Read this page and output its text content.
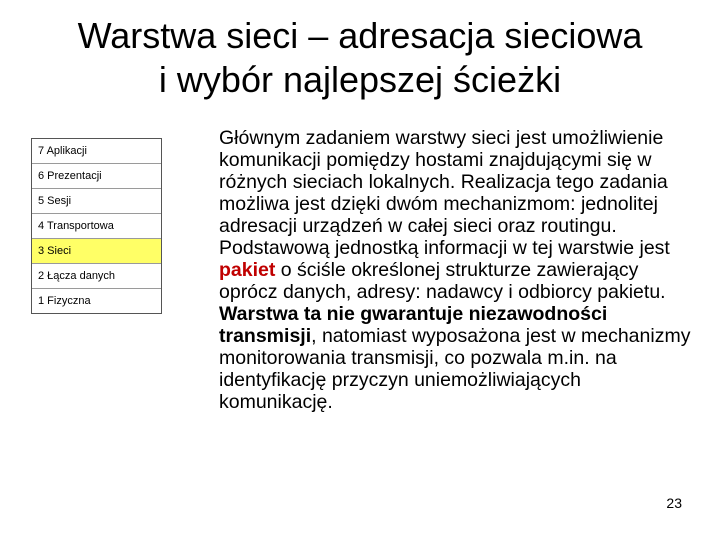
Warstwa sieci – adresacja sieciowa
i wybór najlepszej ścieżki
7 Aplikacji
6 Prezentacji
5 Sesji
4 Transportowa
3 Sieci
2 Łącza danych
1 Fizyczna

Głównym zadaniem warstwy sieci jest umożliwienie komunikacji pomiędzy hostami znajdującymi się w różnych sieciach lokalnych. Realizacja tego zadania możliwa jest dzięki dwóm mechanizmom: jednolitej adresacji urządzeń w całej sieci oraz routingu. Podstawową jednostką informacji w tej warstwie jest pakiet o ściśle określonej strukturze zawierający oprócz danych, adresy: nadawcy i odbiorcy pakietu. Warstwa ta nie gwarantuje niezawodności transmisji, natomiast wyposażona jest w mechanizmy monitorowania transmisji, co pozwala m.in. na identyfikację przyczyn uniemożliwiających komunikację.

23
